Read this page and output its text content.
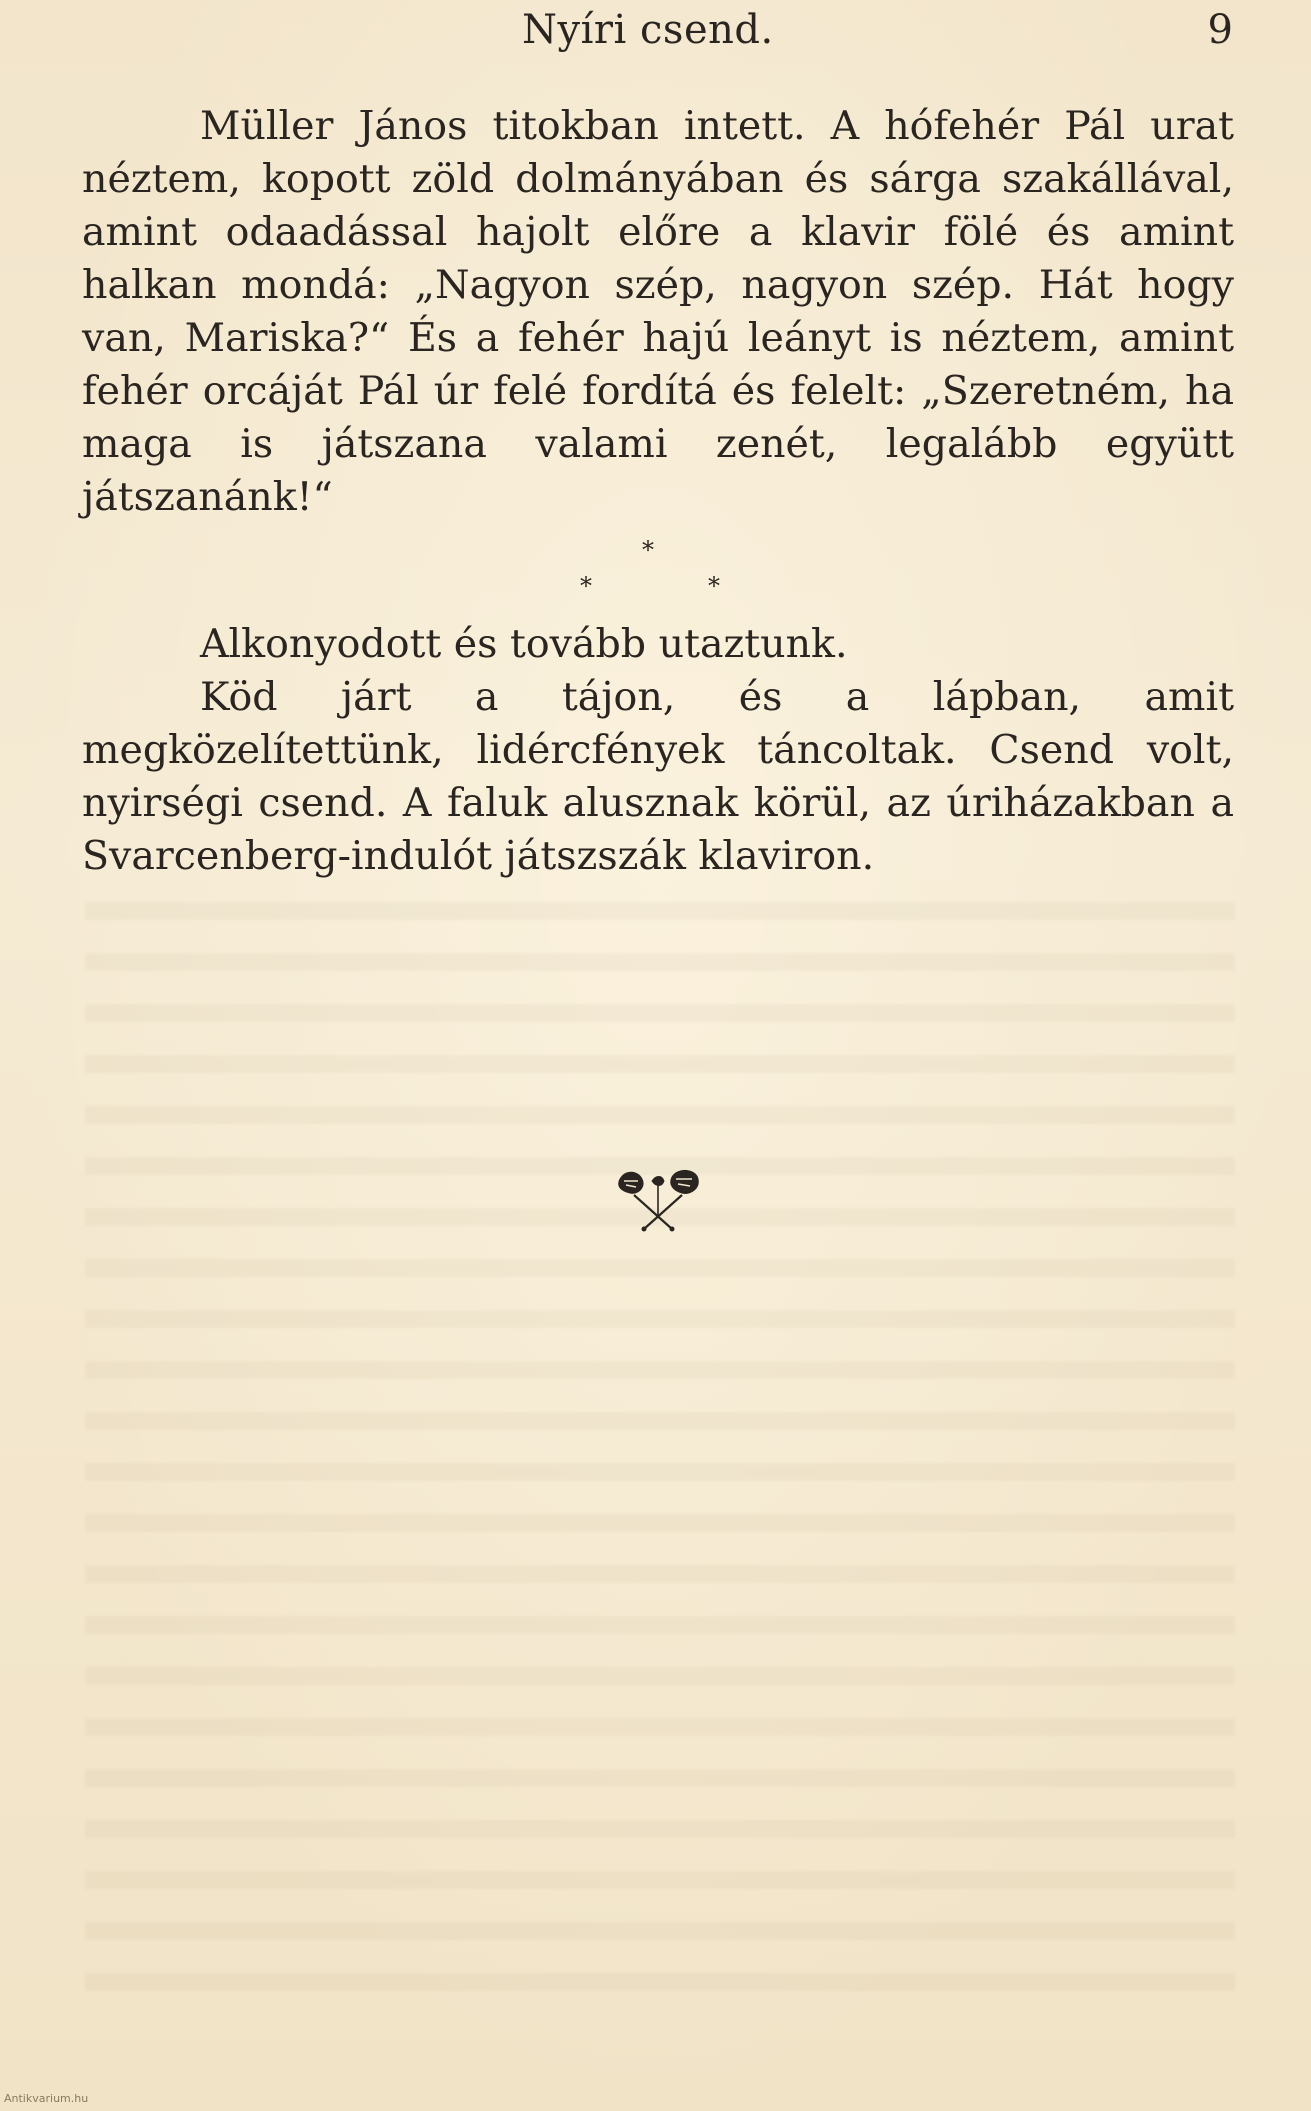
Nyíri csend.	9

Müller János titokban intett. A hófehér Pál urat néztem, kopott zöld dolmányában és sárga szakállával, amint odaadással hajolt előre a klavir fölé és amint halkan mondá: „Nagyon szép, nagyon szép. Hát hogy van, Mariska?“ És a fehér hajú leányt is néztem, amint fehér orcáját Pál úr felé fordítá és felelt: „Szeretném, ha maga is játszana valami zenét, legalább együtt játszanánk!“

*
*	*

Alkonyodott és tovább utaztunk.

Köd járt a tájon, és a lápban, amit megközelítettünk, lidércfények táncoltak. Csend volt, nyirségi csend. A faluk alusznak körül, az úriházakban a Svarcenberg-indulót játszszák klaviron.

Antikvarium.hu
